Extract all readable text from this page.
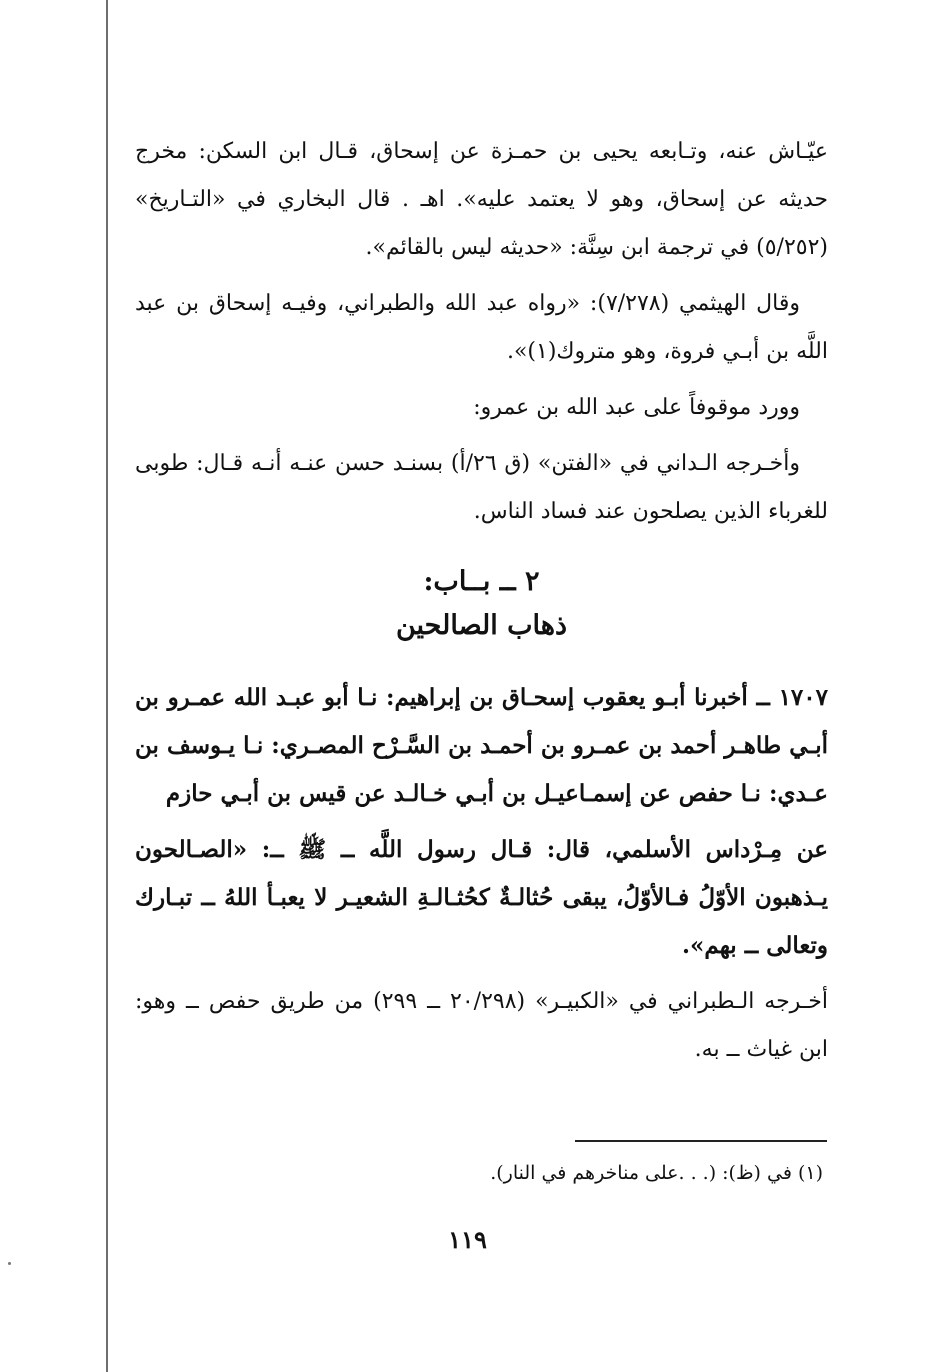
عيّـاش عنه، وتـابعه يحيى بن حمـزة عن إسحاق، قـال ابن السكن: مخرج حديثه عن إسحاق، وهو لا يعتمد عليه». اهـ . قال البخاري في «التـاريخ» (٥/٢٥٢) في ترجمة ابن سِنَّة: «حديثه ليس بالقائم».

وقال الهيثمي (٧/٢٧٨): «رواه عبد الله والطبراني، وفيـه إسحاق بن عبد اللَّه بن أبـي فروة، وهو متروك(١)».

وورد موقوفاً على عبد الله بن عمرو:

وأخـرجه الـداني في «الفتن» (ق ٢٦/أ) بسنـد حسن عنـه أنـه قـال: طوبى للغرباء الذين يصلحون عند فساد الناس.

٢ ــ بــاب:

ذهاب الصالحين

١٧٠٧ ــ أخبرنا أبـو يعقوب إسحـاق بن إبراهيم: نـا أبو عبـد الله عمـرو بن أبـي طاهـر أحمد بن عمـرو بن أحمـد بن السَّـرْح المصـري: نـا يـوسف بن عـدي: نـا حفص عن إسمـاعيـل بن أبـي خـالـد عن قيس بن أبـي حازم

عن مِـرْداس الأسلمي، قال: قـال رسول اللَّه ــ ﷺ ــ: «الصـالحون يـذهبون الأوّلُ فـالأوّلُ، يبقى حُثالـةٌ كحُثـالـةِ الشعيـر لا يعبـأ اللهُ ــ تبـارك وتعالى ــ بهم».

أخـرجه الـطبراني في «الكبيـر» (٢٠/٢٩٨ ــ ٢٩٩) من طريق حفص ــ وهو: ابن غياث ــ به.

(١) في (ظ): (. . .على مناخرهم في النار).
١١٩
